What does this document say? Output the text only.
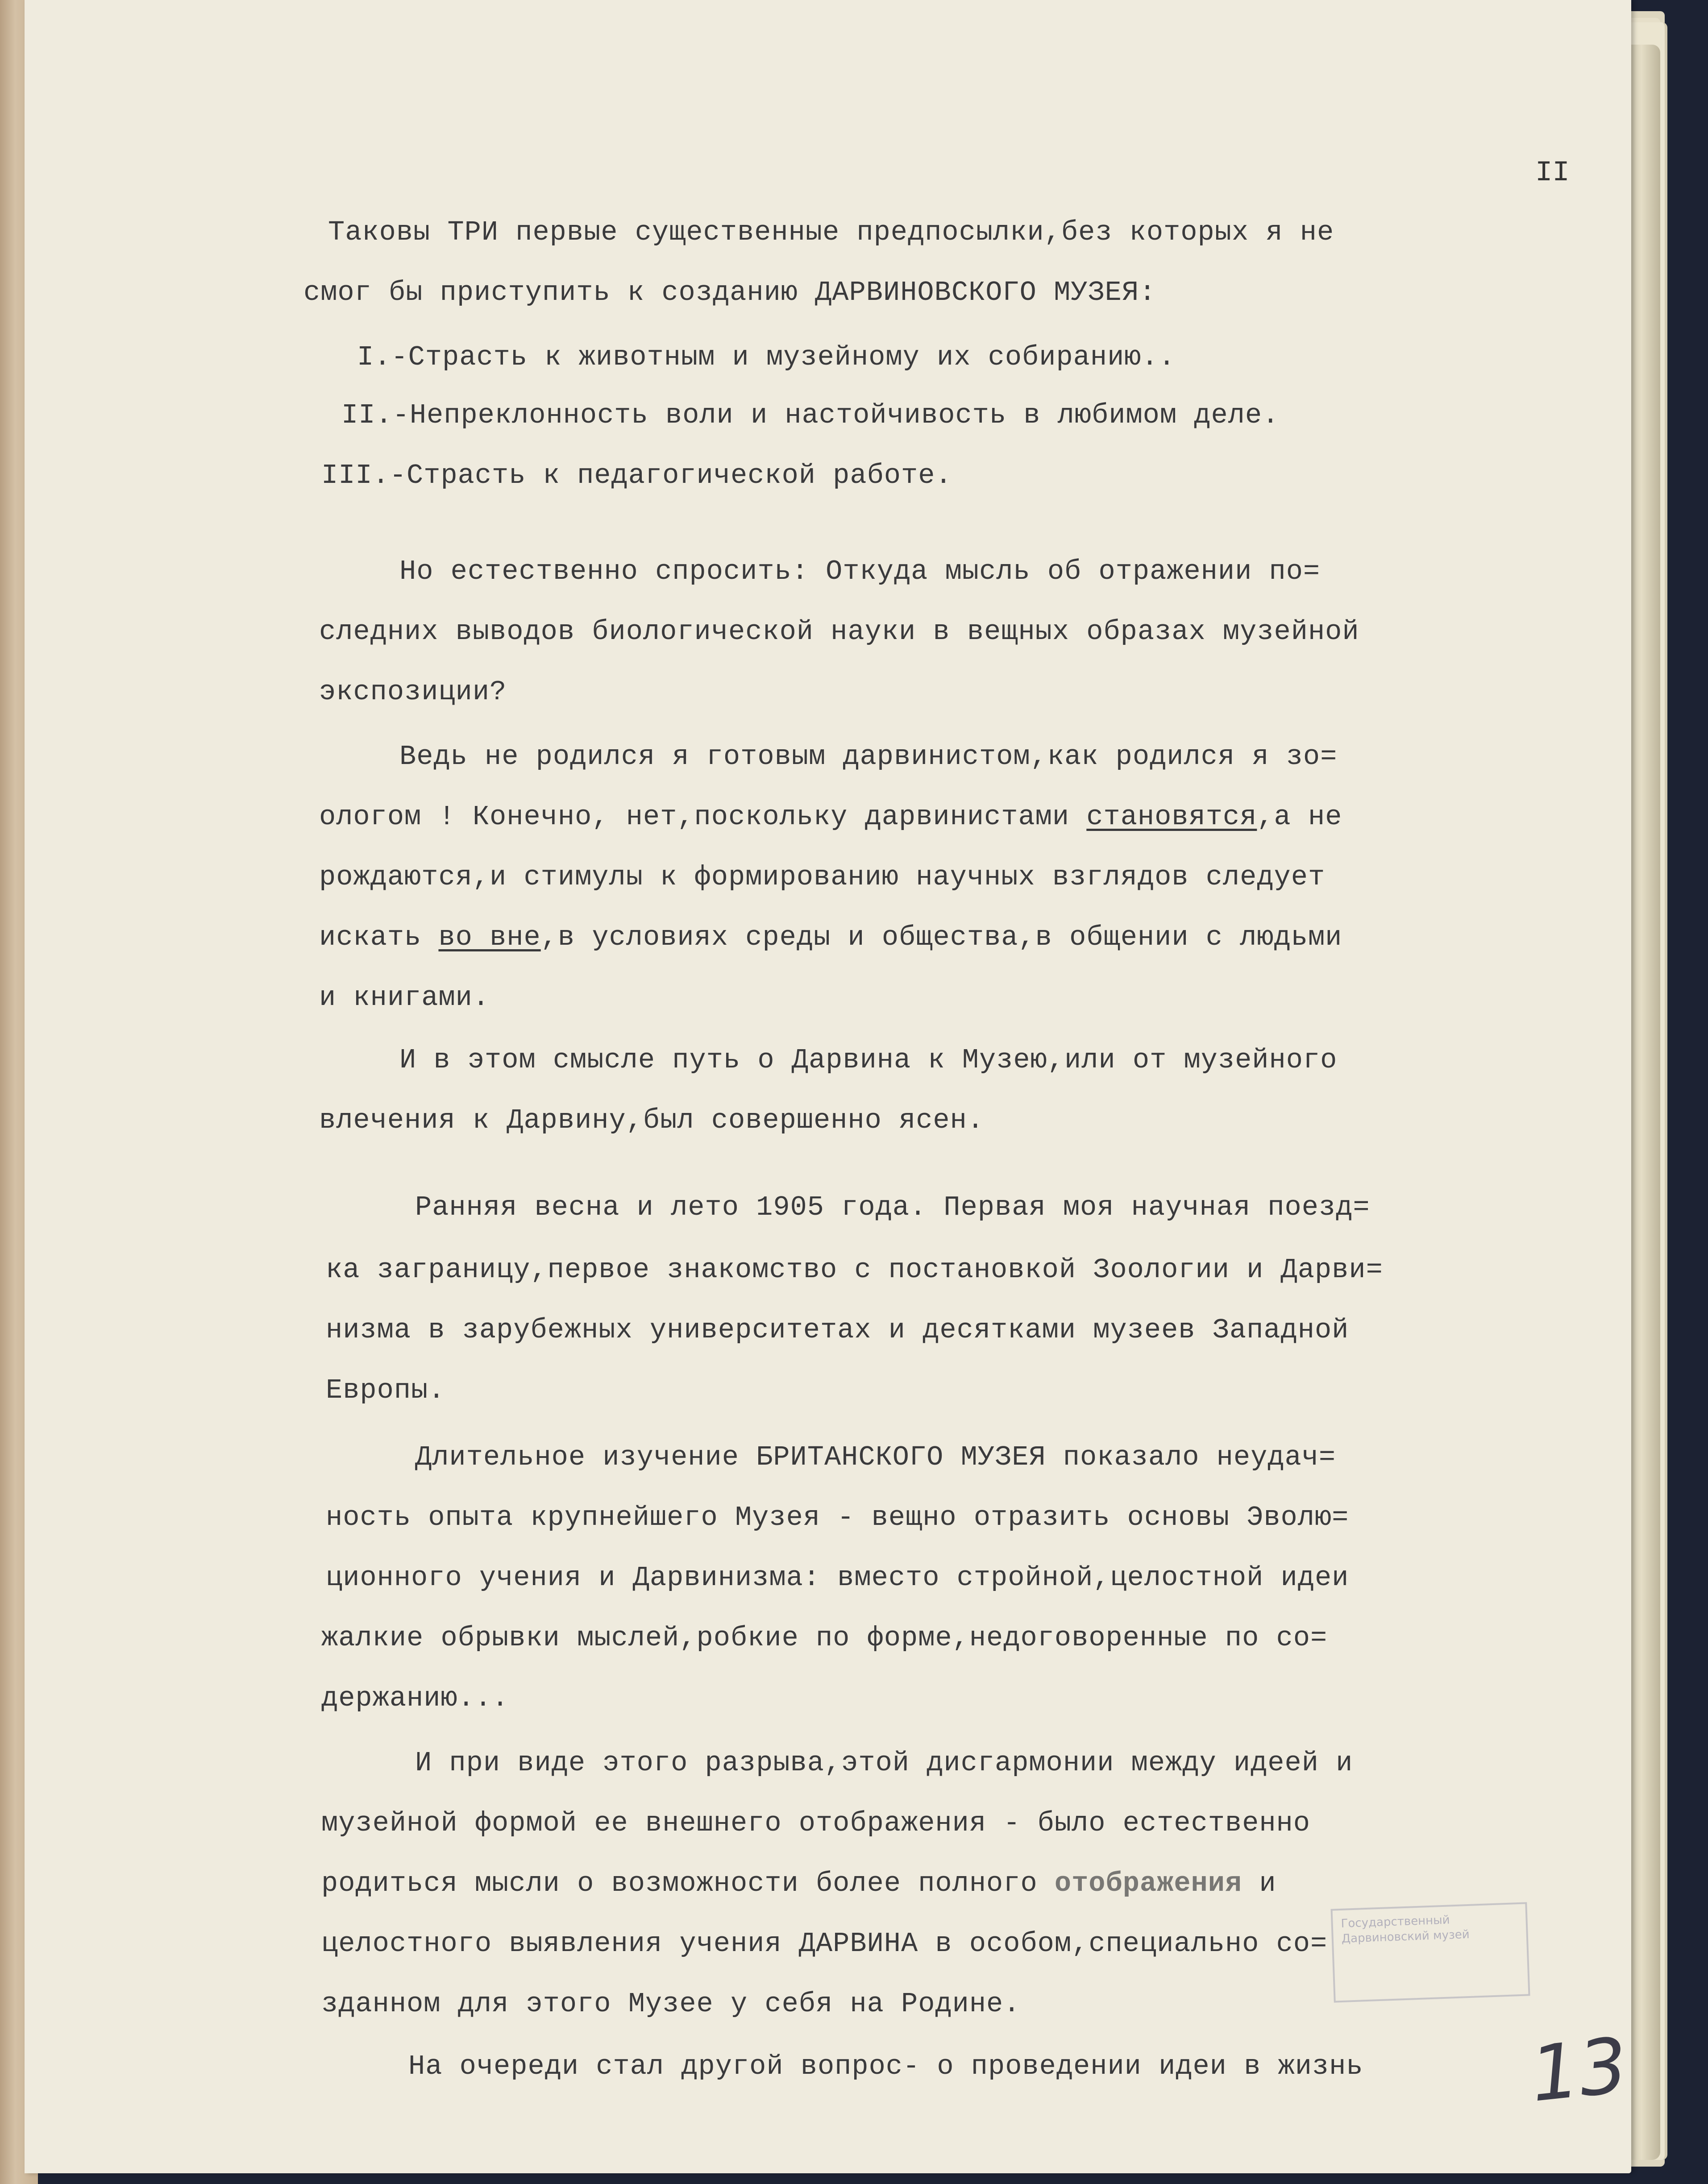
II
Таковы ТРИ первые существенные предпосылки,без которых я не
смог бы приступить к созданию ДАРВИНОВСКОГО МУЗЕЯ:
I.-Страсть к животным и музейному их собиранию..
II.-Непреклонность воли и настойчивость в любимом деле.
III.-Страсть к педагогической работе.
Но естественно спросить: Откуда мысль об отражении по=
следних выводов биологической науки в вещных образах музейной
экспозиции?
Ведь не родился я готовым дарвинистом,как родился я зо=
ологом ! Конечно, нет,поскольку дарвинистами становятся,а не
рождаются,и стимулы к формированию научных взглядов следует
искать во вне,в условиях среды и общества,в общении с людьми
и книгами.
И в этом смысле путь о Дарвина к Музею,или от музейного
влечения к Дарвину,был совершенно ясен.
Ранняя весна и лето 1905 года. Первая моя научная поезд=
ка заграницу,первое знакомство с постановкой Зоологии и Дарви=
низма в зарубежных университетах и десятками музеев Западной
Европы.
Длительное изучение БРИТАНСКОГО МУЗЕЯ показало неудач=
ность опыта крупнейшего Музея - вещно отразить основы Эволю=
ционного учения и Дарвинизма: вместо стройной,целостной идеи
жалкие обрывки мыслей,робкие по форме,недоговоренные по со=
держанию...
И при виде этого разрыва,этой дисгармонии между идеей и
музейной формой ее внешнего отображения - было естественно
родиться мысли о возможности более полного отображения и
целостного выявления учения ДАРВИНА в особом,специально со=
зданном для этого Музее у себя на Родине.
На очереди стал другой вопрос- о проведении идеи в жизнь
Государственный Дарвиновский музей
13
